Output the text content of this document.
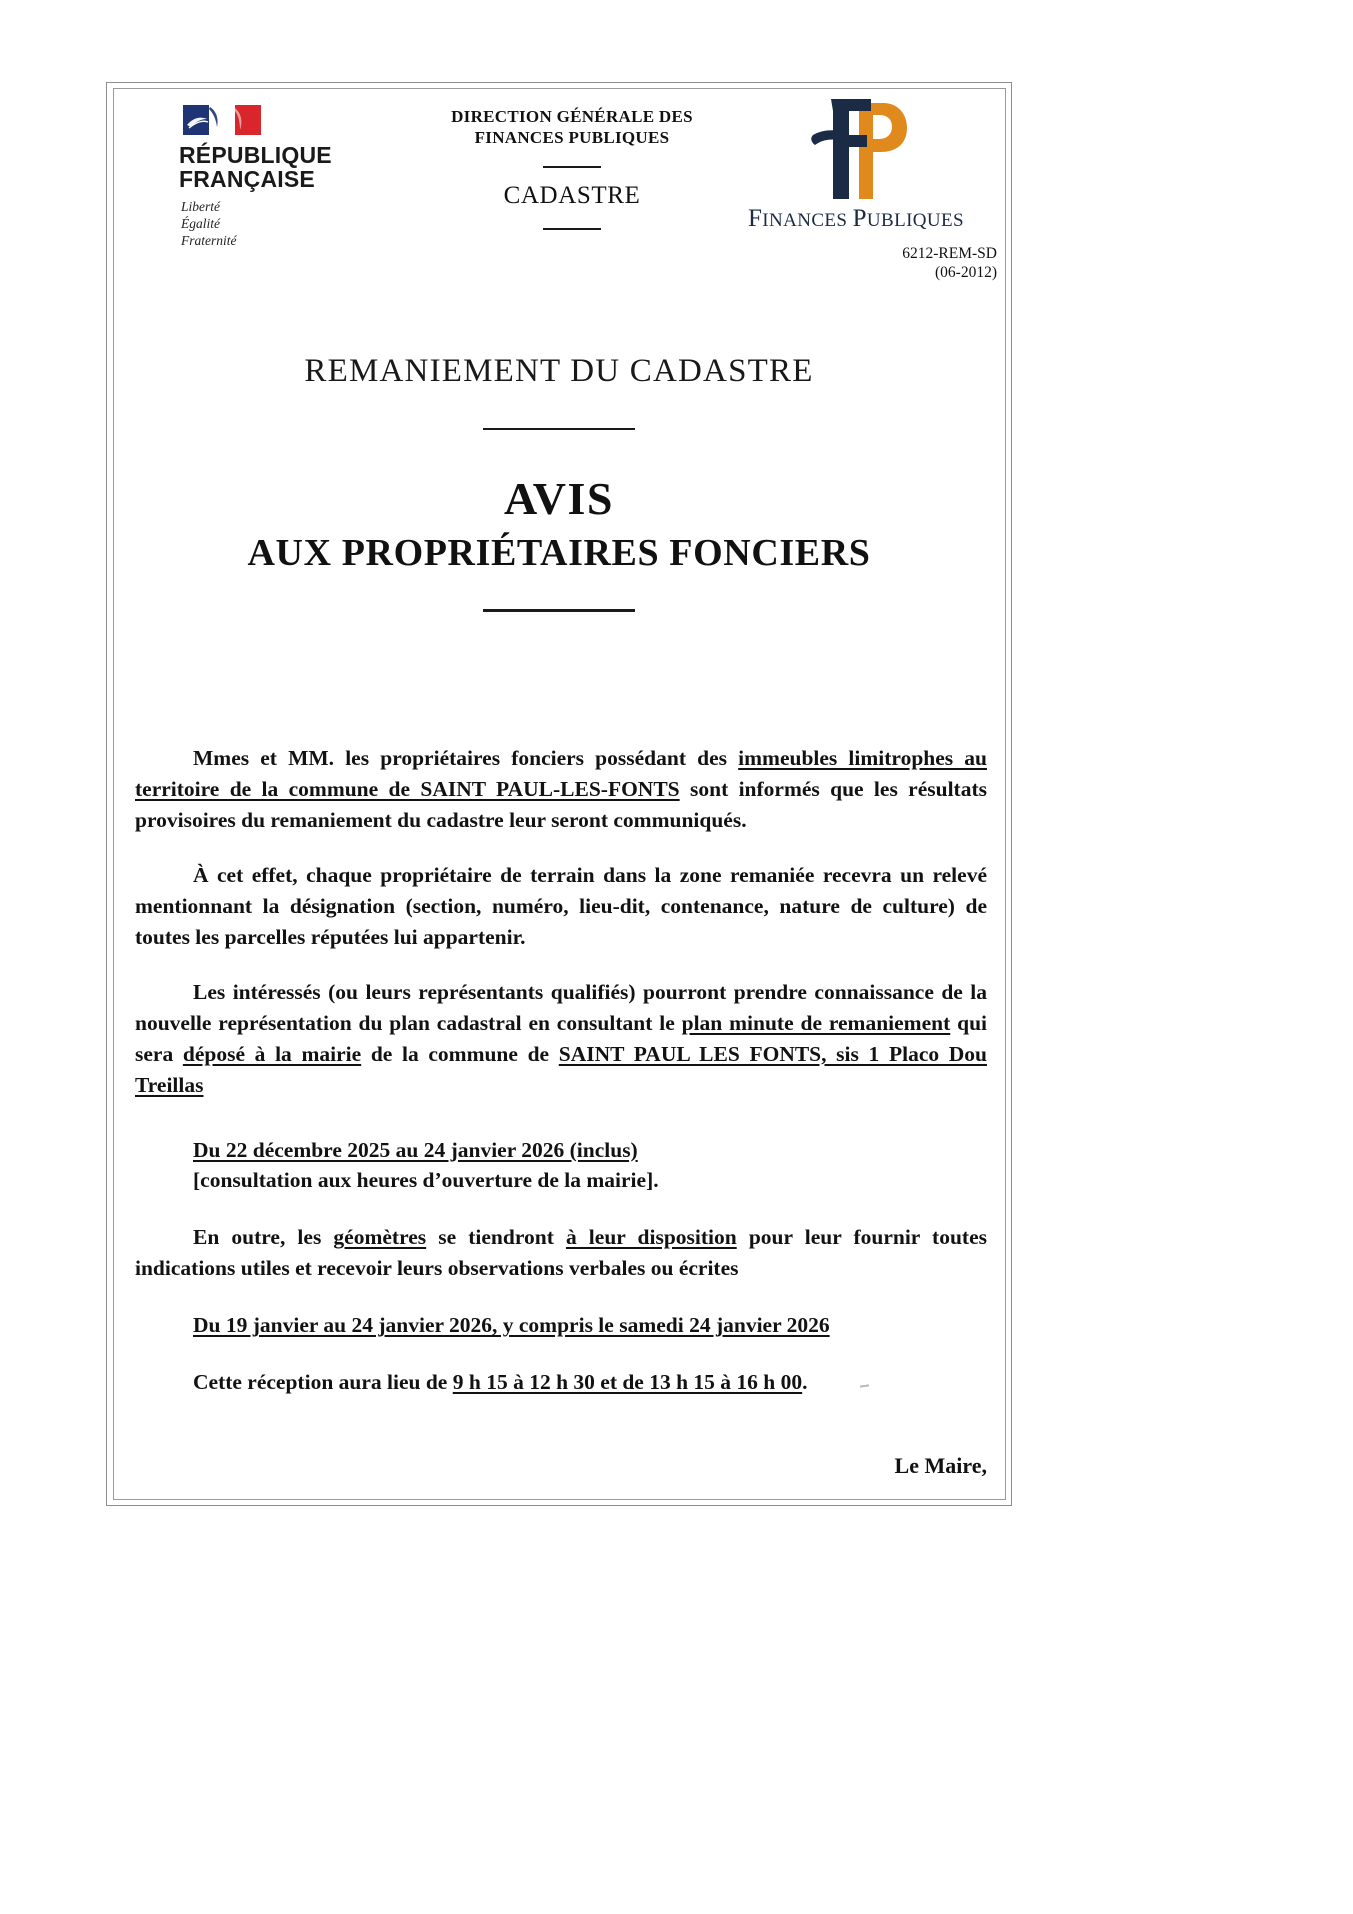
RÉPUBLIQUE
FRANÇAISE
Liberté
Égalité
Fraternité
DIRECTION GÉNÉRALE DES
FINANCES PUBLIQUES
CADASTRE
FINANCES PUBLIQUES
6212-REM-SD
(06-2012)
REMANIEMENT DU CADASTRE
AVIS
AUX PROPRIÉTAIRES FONCIERS

Mmes et MM. les propriétaires fonciers possédant des immeubles limitrophes au territoire de la commune de SAINT PAUL-LES-FONTS sont informés que les résultats provisoires du remaniement du cadastre leur seront communiqués.

À cet effet, chaque propriétaire de terrain dans la zone remaniée recevra un relevé mentionnant la désignation (section, numéro, lieu-dit, contenance, nature de culture) de toutes les parcelles réputées lui appartenir.

Les intéressés (ou leurs représentants qualifiés) pourront prendre connaissance de la nouvelle représentation du plan cadastral en consultant le plan minute de remaniement qui sera déposé à la mairie de la commune de SAINT PAUL LES FONTS, sis 1 Placo Dou Treillas

Du 22 décembre 2025 au 24 janvier 2026 (inclus)

[consultation aux heures d’ouverture de la mairie].

En outre, les géomètres se tiendront à leur disposition pour leur fournir toutes indications utiles et recevoir leurs observations verbales ou écrites

Du 19 janvier au 24 janvier 2026, y compris le samedi 24 janvier 2026

Cette réception aura lieu de 9 h 15 à 12 h 30 et de 13 h 15 à 16 h 00.

Le Maire,
